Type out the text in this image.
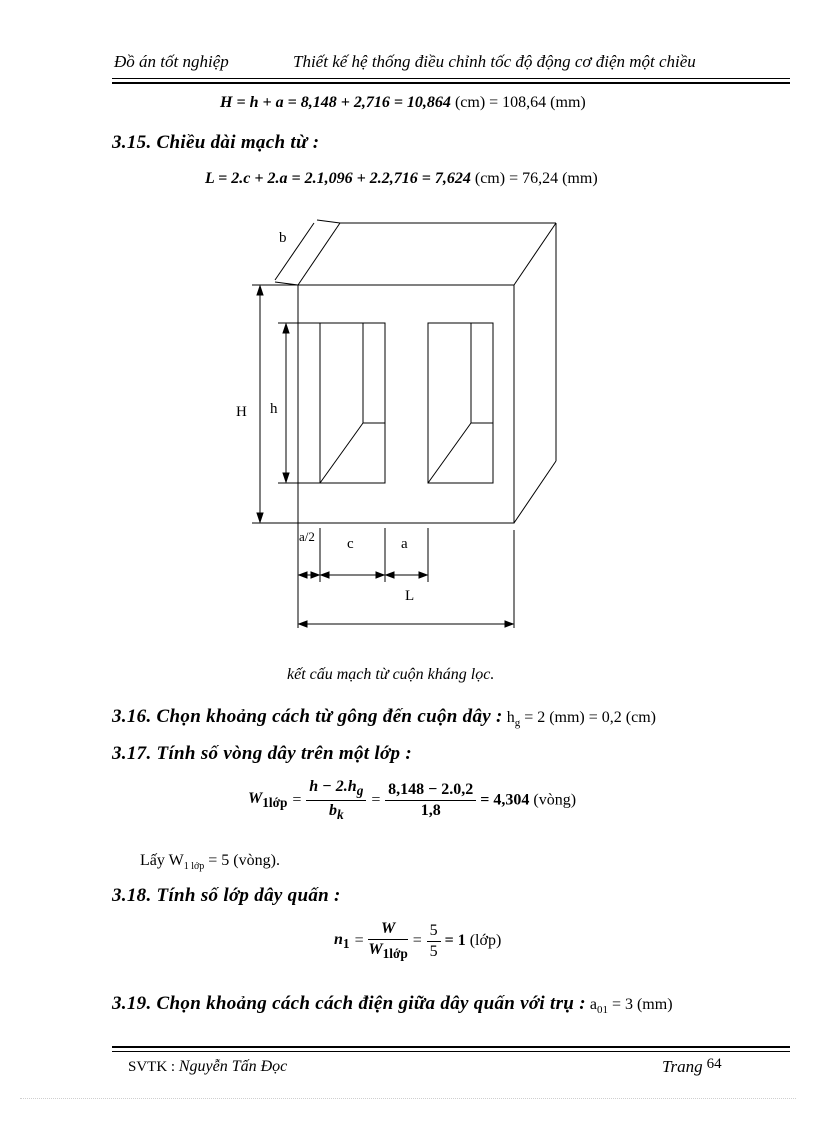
Đồ án tốt nghiệp	Thiết kế hệ thống điều chỉnh tốc độ động cơ điện một chiều
H = h + a = 8,148 + 2,716 = 10,864 (cm) = 108,64 (mm)
3.15. Chiều dài mạch từ :
L = 2.c + 2.a = 2.1,096 + 2.2,716 = 7,624 (cm) = 76,24 (mm)
b
H h
a/2 c	a
L
kết cấu mạch từ cuộn kháng lọc.
3.16. Chọn khoảng cách từ gông đến cuộn dây : $h_g = 2$ (mm) = 0,2 (cm)
3.17. Tính số vòng dây trên một lớp :
$W_{1lớp} = \frac{h - 2.h_g}{b_k} = \frac{8,148 - 2.0,2}{1,8} = 4,304$ (vòng)
Lấy $W_{1 lớp} = 5$ (vòng).
3.18. Tính số lớp dây quấn :
$n_1 = \frac{W}{W_{1lớp}} = \frac{5}{5} = 1$ (lớp)
3.19. Chọn khoảng cách cách điện giữa dây quấn với trụ : $a_{01} = 3$ (mm)
SVTK : Nguyễn Tấn Đọc	Trang 64
